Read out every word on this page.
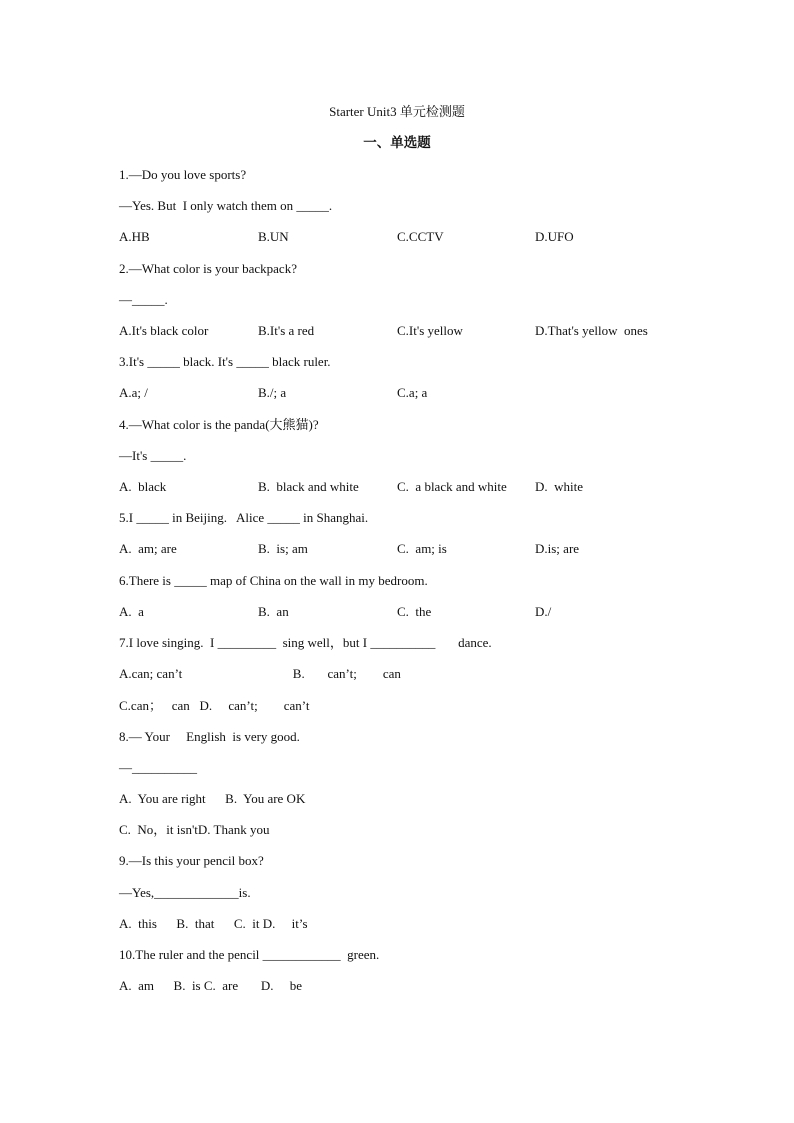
Starter Unit3 单元检测题
一、单选题
1.—Do you love sports?
—Yes. But  I only watch them on _____.
A.HB	B.UN	C.CCTV	D.UFO
2.—What color is your backpack?
—_____.
A.It's black color	B.It's a red	C.It's yellow	D.That's yellow  ones
3.It's _____ black. It's _____ black ruler.
A.a; /	B./; a	C.a; a
4.—What color is the panda(大熊猫)?
—It's _____.
A.  black	B.  black and white	C.  a black and white D.  white
5.I _____ in Beijing.   Alice _____ in Shanghai.
A.  am; are	B.  is; am	C.  am; is	D.is; are
6.There is _____ map of China on the wall in my bedroom.
A.  a	B.  an	C.  the	D./
7.I love singing.  I _________  sing well，but I __________       dance.
A.can; can’t                                  B.       can’t;        can
C.can；   can   D.     can’t;        can’t
8.— Your     English  is very good.
—__________
A.  You are right      B.  You are OK
C.  No，it isn'tD. Thank you
9.—Is this your pencil box?
—Yes,_____________is.
A.  this      B.  that      C.  it D.     it’s
10.The ruler and the pencil ____________  green.
A.  am      B.  is C.  are       D.     be
